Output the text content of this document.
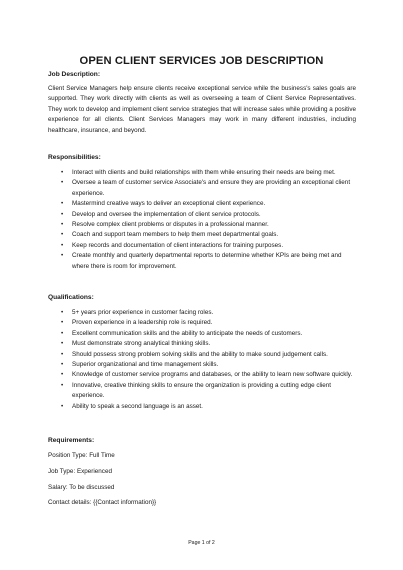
OPEN CLIENT SERVICES JOB DESCRIPTION
Job Description:
Client Service Managers help ensure clients receive exceptional service while the business's sales goals are supported. They work directly with clients as well as overseeing a team of Client Service Representatives. They work to develop and implement client service strategies that will increase sales while providing a positive experience for all clients. Client Services Managers may work in many different industries, including healthcare, insurance, and beyond.
Responsibilities:
• Interact with clients and build relationships with them while ensuring their needs are being met.
• Oversee a team of customer service Associate's and ensure they are providing an exceptional client experience.
• Mastermind creative ways to deliver an exceptional client experience.
• Develop and oversee the implementation of client service protocols.
• Resolve complex client problems or disputes in a professional manner.
• Coach and support team members to help them meet departmental goals.
• Keep records and documentation of client interactions for training purposes.
• Create monthly and quarterly departmental reports to determine whether KPIs are being met and where there is room for improvement.
Qualifications:
• 5+ years prior experience in customer facing roles.
• Proven experience in a leadership role is required.
• Excellent communication skills and the ability to anticipate the needs of customers.
• Must demonstrate strong analytical thinking skills.
• Should possess strong problem solving skills and the ability to make sound judgement calls.
• Superior organizational and time management skills.
• Knowledge of customer service programs and databases, or the ability to learn new software quickly.
• Innovative, creative thinking skills to ensure the organization is providing a cutting edge client experience.
• Ability to speak a second language is an asset.
Requirements:
Position Type: Full Time
Job Type: Experienced
Salary: To be discussed
Contact details: {{Contact information}}
Page 1 of 2
